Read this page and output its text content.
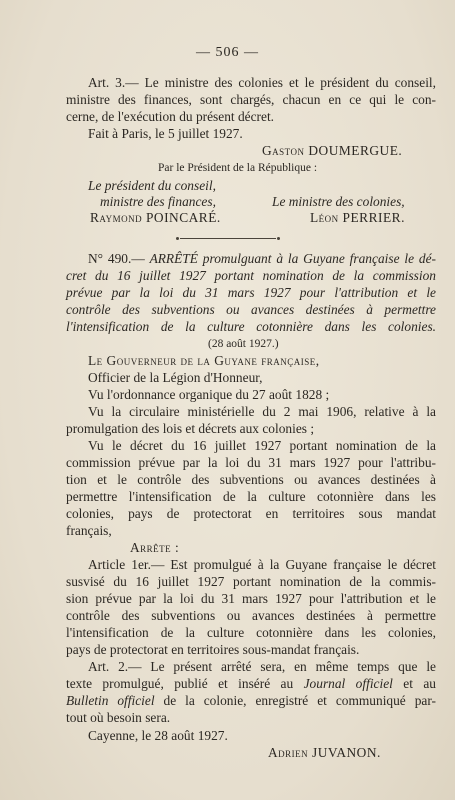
— 506 —
Art. 3.— Le ministre des colonies et le président du conseil,
ministre des finances, sont chargés, chacun en ce qui le con-
cerne, de l'exécution du présent décret.
Fait à Paris, le 5 juillet 1927.
Gaston DOUMERGUE.
Par le Président de la République :
Le président du conseil,
ministre des finances,	Le ministre des colonies,
Raymond POINCARÉ.	Léon PERRIER.
N° 490.— ARRÊTÉ promulguant à la Guyane française le dé-
cret du 16 juillet 1927 portant nomination de la commission
prévue par la loi du 31 mars 1927 pour l'attribution et le
contrôle des subventions ou avances destinées à permettre
l'intensification de la culture cotonnière dans les colonies.
(28 août 1927.)
Le Gouverneur de la Guyane française,
Officier de la Légion d'Honneur,
Vu l'ordonnance organique du 27 août 1828 ;
Vu la circulaire ministérielle du 2 mai 1906, relative à la
promulgation des lois et décrets aux colonies ;
Vu le décret du 16 juillet 1927 portant nomination de la
commission prévue par la loi du 31 mars 1927 pour l'attribu-
tion et le contrôle des subventions ou avances destinées à
permettre l'intensification de la culture cotonnière dans les
colonies, pays de protectorat en territoires sous mandat
français,
Arrête :
Article 1er.— Est promulgué à la Guyane française le décret
susvisé du 16 juillet 1927 portant nomination de la commis-
sion prévue par la loi du 31 mars 1927 pour l'attribution et le
contrôle des subventions ou avances destinées à permettre
l'intensification de la culture cotonnière dans les colonies,
pays de protectorat en territoires sous-mandat français.
Art. 2.— Le présent arrêté sera, en même temps que le
texte promulgué, publié et inséré au Journal officiel et au
Bulletin officiel de la colonie, enregistré et communiqué par-
tout où besoin sera.
Cayenne, le 28 août 1927.
Adrien JUVANON.
